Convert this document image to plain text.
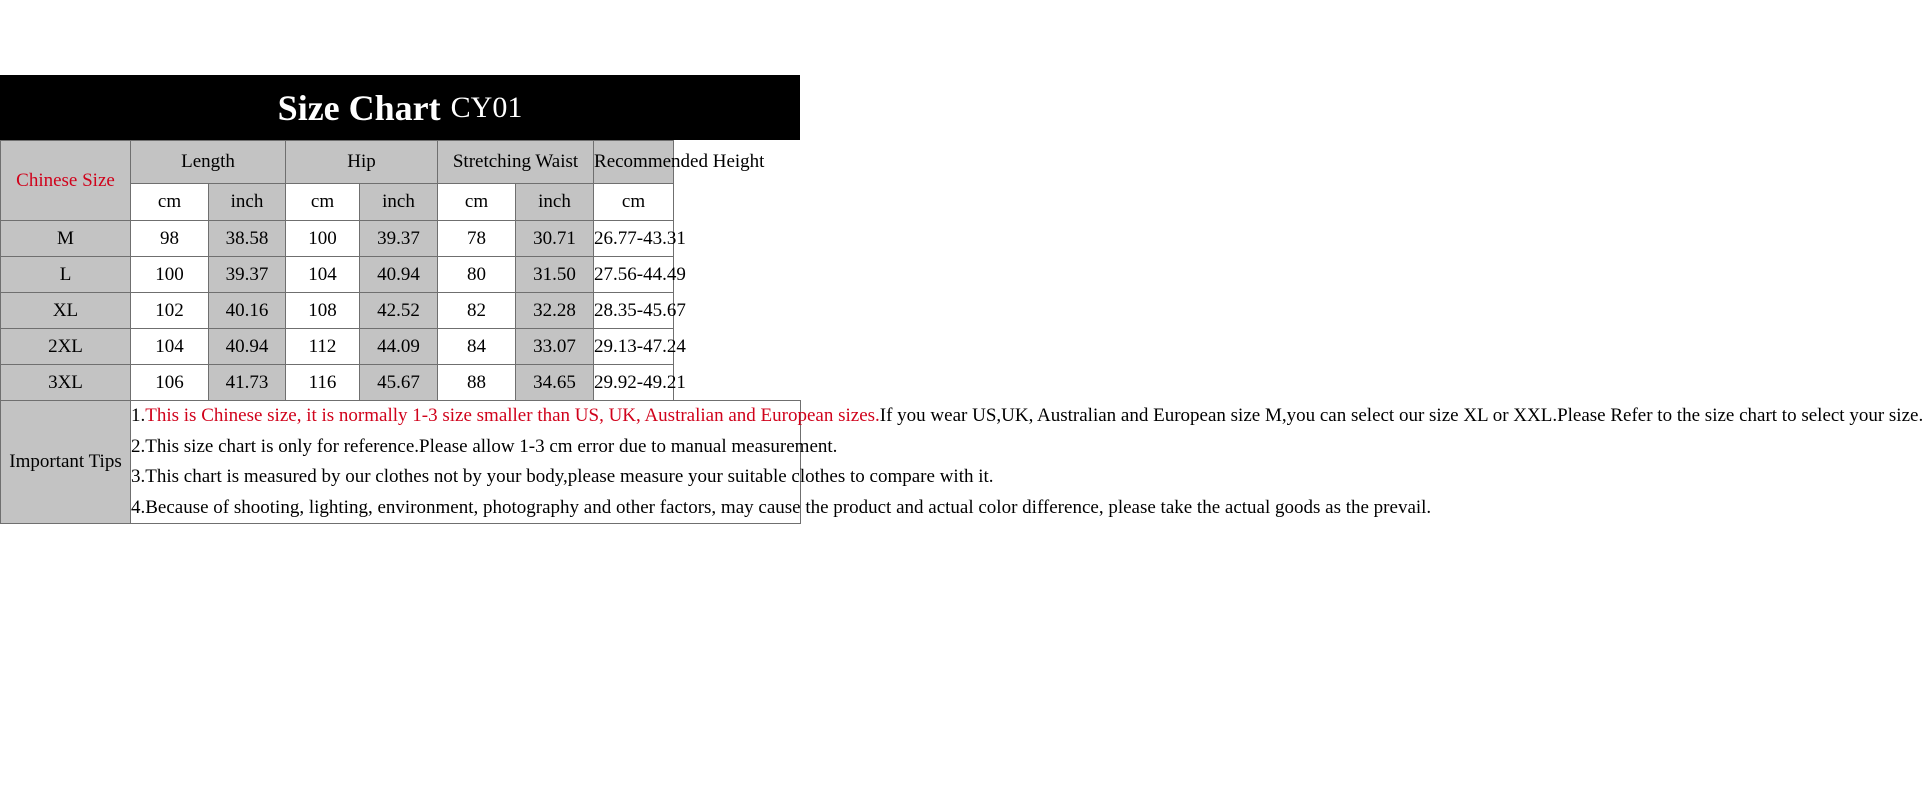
Size Chart CY01
Chinese Size	Length		Hip		Stretching Waist		Recommended Height
	cm	inch	cm	inch	cm	inch	cm
M	98	38.58	100	39.37	78	30.71	26.77-43.31
L	100	39.37	104	40.94	80	31.50	27.56-44.49
XL	102	40.16	108	42.52	82	32.28	28.35-45.67
2XL	104	40.94	112	44.09	84	33.07	29.13-47.24
3XL	106	41.73	116	45.67	88	34.65	29.92-49.21
Important Tips	1.This is Chinese size, it is normally 1-3 size smaller than US, UK, Australian and European sizes.If you wear US,UK, Australian and European size M,you can select our size XL or XXL.Please Refer to the size chart to select your size.

2.This size chart is only for reference.Please allow 1-3 cm error due to manual measurement.

3.This chart is measured by our clothes not by your body,please measure your suitable clothes to compare with it.

4.Because of shooting, lighting, environment, photography and other factors, may cause the product and actual color difference, please take the actual goods as the prevail.						
